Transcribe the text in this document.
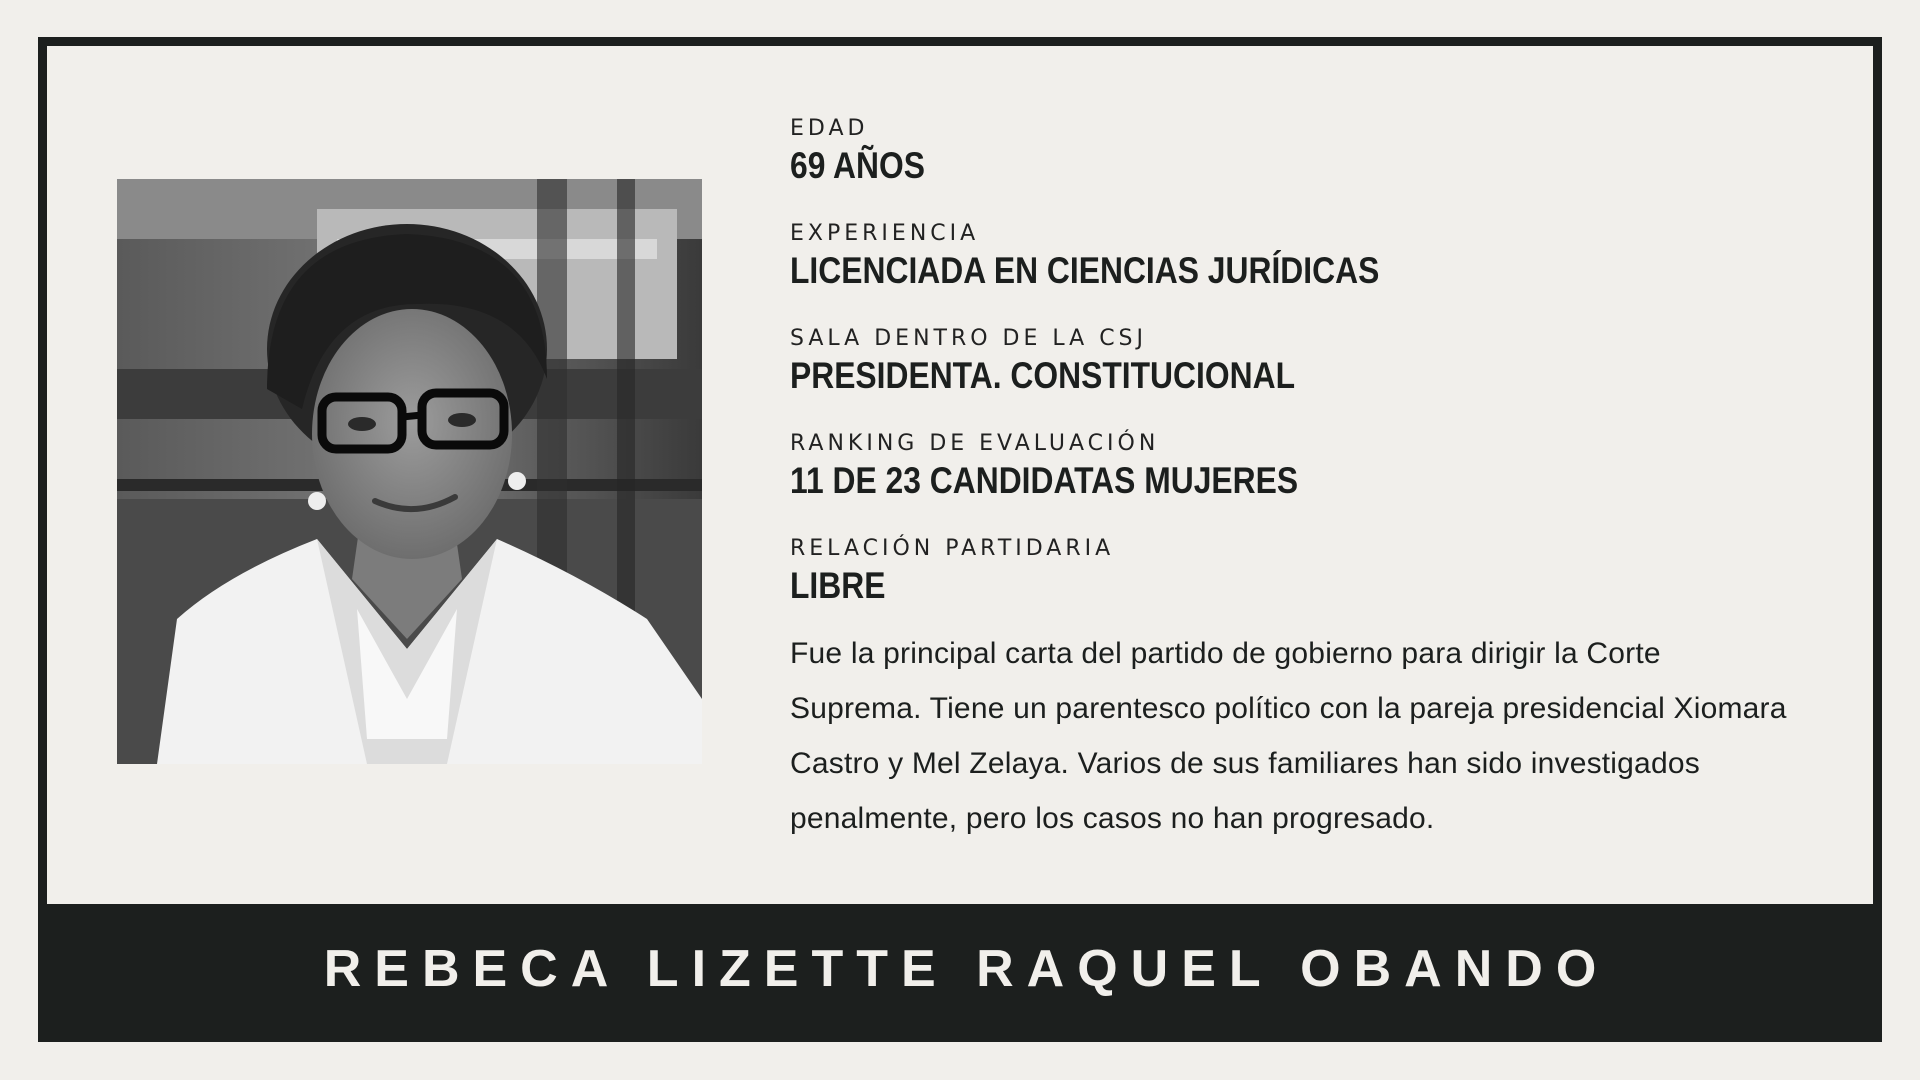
EDAD
69 AÑOS
EXPERIENCIA
LICENCIADA EN CIENCIAS JURÍDICAS
SALA DENTRO DE LA CSJ
PRESIDENTA. CONSTITUCIONAL
RANKING DE EVALUACIÓN
11 DE 23 CANDIDATAS MUJERES
RELACIÓN PARTIDARIA
LIBRE
Fue la principal carta del partido de gobierno para dirigir la Corte Suprema. Tiene un parentesco político con la pareja presidencial Xiomara Castro y Mel Zelaya. Varios de sus familiares han sido investigados penalmente, pero los casos no han progresado.
REBECA LIZETTE RAQUEL OBANDO
